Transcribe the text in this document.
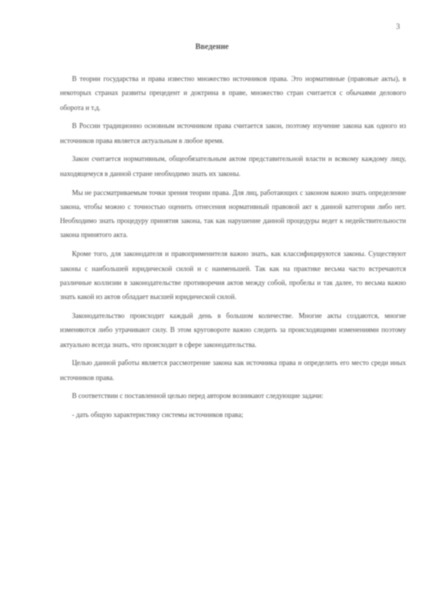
3
Введение

В теории государства и права известно множество источников права. Это нормативные (правовые акты), в некоторых странах развиты прецедент и доктрина в праве, множество стран считается с обычаями делового оборота и т.д.

В России традиционно основным источником права считается закон, поэтому изучение закона как одного из источников права является актуальным в любое время.

Закон считается нормативным, общеобязательным актом представительной власти и всякому каждому лицу, находящемуся в данной стране необходимо знать их законы.

Мы не рассматриваемым точки зрения теории права. Для лиц, работающих с законом важно знать определение закона, чтобы можно с точностью оценить отнесения нормативный правовой акт к данной категории либо нет. Необходимо знать процедуру принятия закона, так как нарушение данной процедуры ведет к недействительности закона принятого акта.

Кроме того, для законодателя и правоприменителя важно знать, как классифицируются законы. Существуют законы с наибольшей юридической силой и с наименьшей. Так как на практике весьма часто встречаются различные коллизии в законодательстве противоречия актов между собой, пробелы и так далее, то весьма важно знать какой из актов обладает высшей юридической силой.

Законодательство происходит каждый день в большом количестве. Многие акты создаются, многие изменяются либо утрачивают силу. В этом круговороте важно следить за происходящими изменениями поэтому актуально всегда знать, что происходит в сфере законодательства.

Целью данной работы является рассмотрение закона как источника права и определить его место среди иных источников права.

В соответствии с поставленной целью перед автором возникают следующие задачи:

- дать общую характеристику системы источников права;
